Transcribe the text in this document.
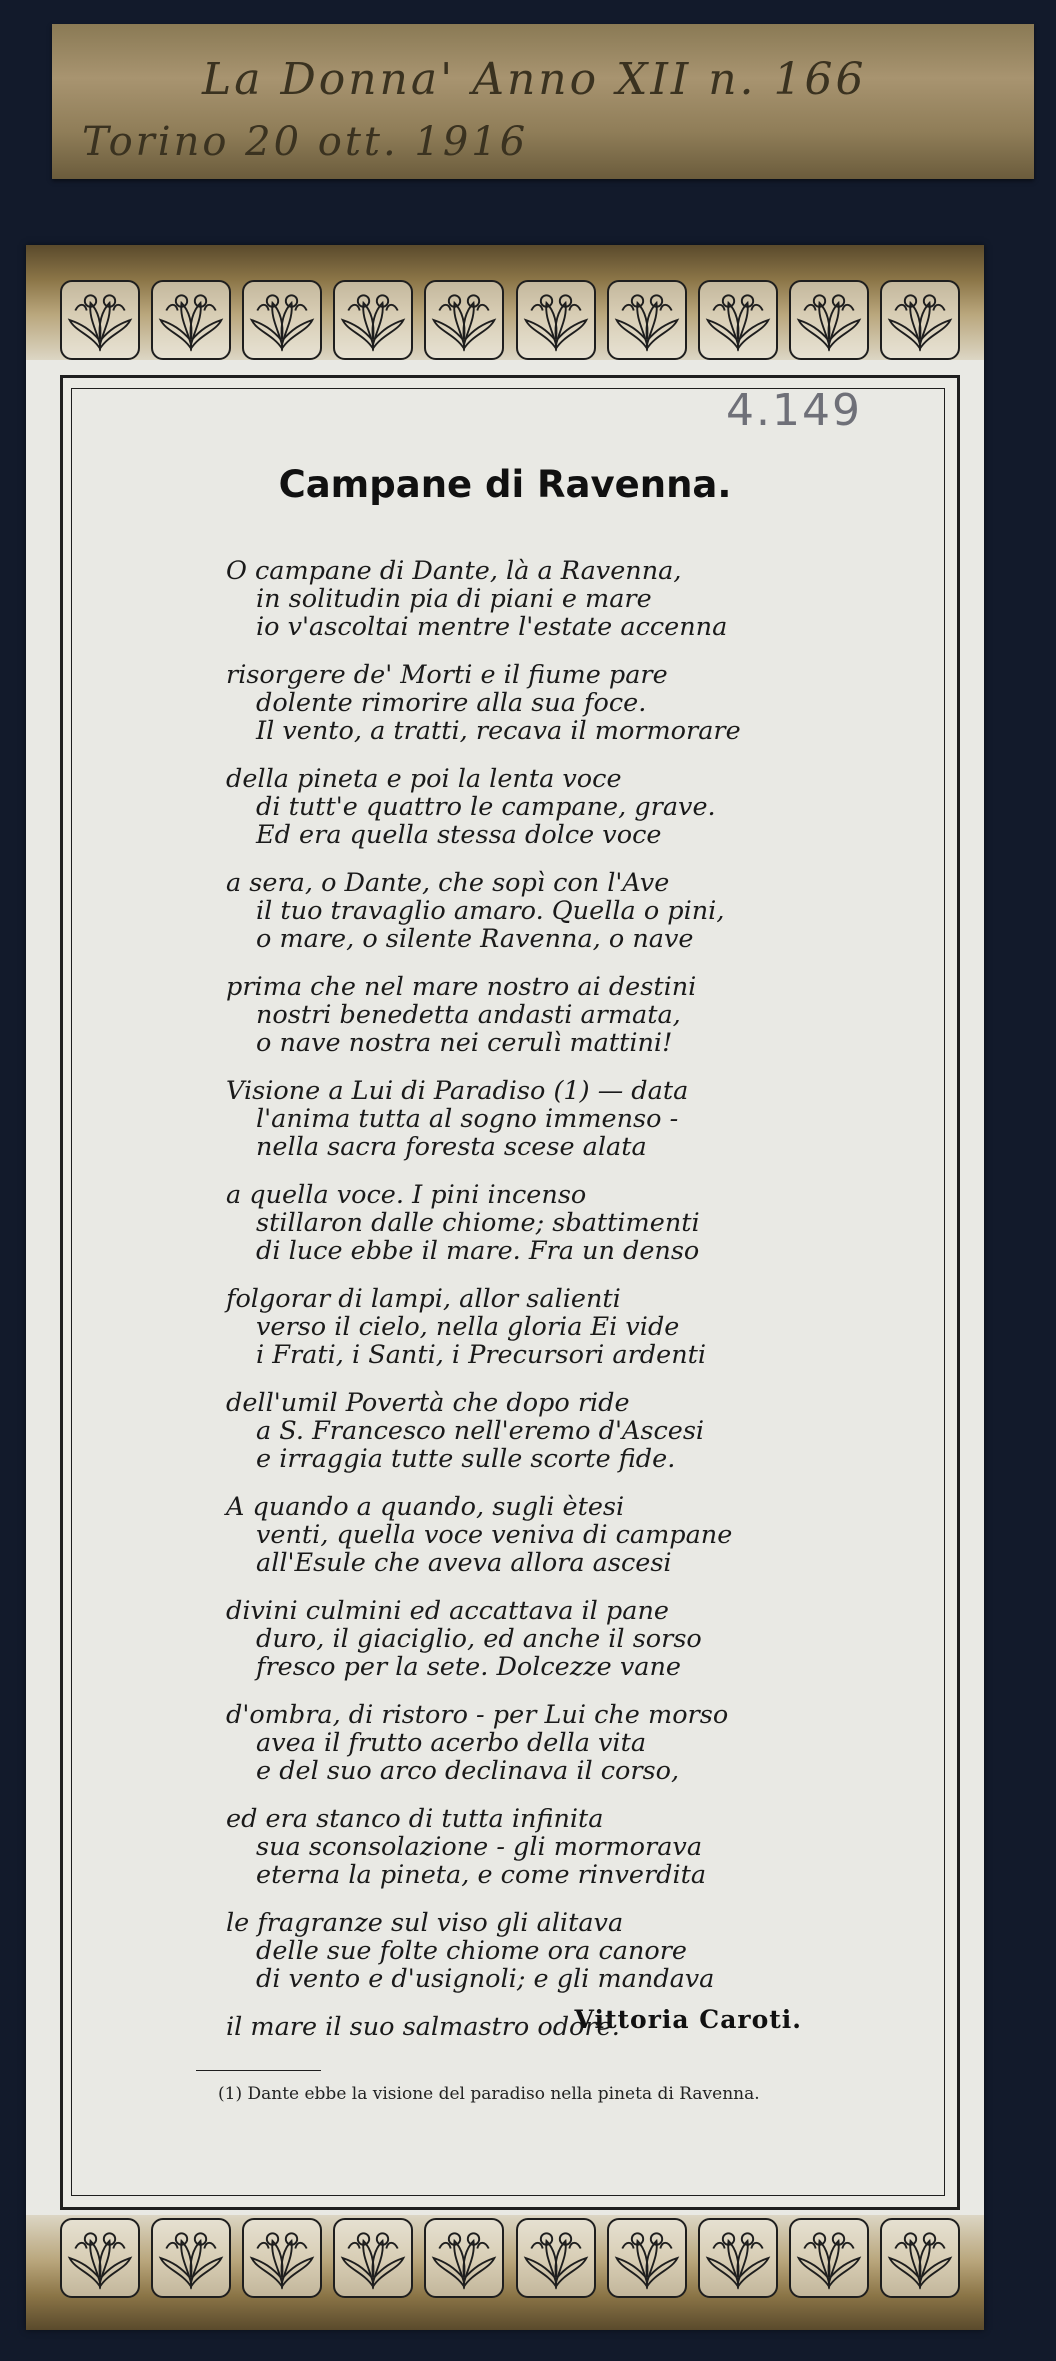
La Donna' Anno XII n. 166
Torino 20 ott. 1916
4.149
Campane di Ravenna.
O campane di Dante, là a Ravenna,
in solitudin pia di piani e mare
io v'ascoltai mentre l'estate accenna
risorgere de' Morti e il fiume pare
dolente rimorire alla sua foce.
Il vento, a tratti, recava il mormorare
della pineta e poi la lenta voce
di tutt'e quattro le campane, grave.
Ed era quella stessa dolce voce
a sera, o Dante, che sopì con l'Ave
il tuo travaglio amaro. Quella o pini,
o mare, o silente Ravenna, o nave
prima che nel mare nostro ai destini
nostri benedetta andasti armata,
o nave nostra nei cerulì mattini!
Visione a Lui di Paradiso (1) — data
l'anima tutta al sogno immenso -
nella sacra foresta scese alata
a quella voce. I pini incenso
stillaron dalle chiome; sbattimenti
di luce ebbe il mare. Fra un denso
folgorar di lampi, allor salienti
verso il cielo, nella gloria Ei vide
i Frati, i Santi, i Precursori ardenti
dell'umil Povertà che dopo ride
a S. Francesco nell'eremo d'Ascesi
e irraggia tutte sulle scorte fide.
A quando a quando, sugli ètesi
venti, quella voce veniva di campane
all'Esule che aveva allora ascesi
divini culmini ed accattava il pane
duro, il giaciglio, ed anche il sorso
fresco per la sete. Dolcezze vane
d'ombra, di ristoro - per Lui che morso
avea il frutto acerbo della vita
e del suo arco declinava il corso,
ed era stanco di tutta infinita
sua sconsolazione - gli mormorava
eterna la pineta, e come rinverdita
le fragranze sul viso gli alitava
delle sue folte chiome ora canore
di vento e d'usignoli; e gli mandava
il mare il suo salmastro odore.
Vittoria Caroti.
(1) Dante ebbe la visione del paradiso nella pineta di Ravenna.
